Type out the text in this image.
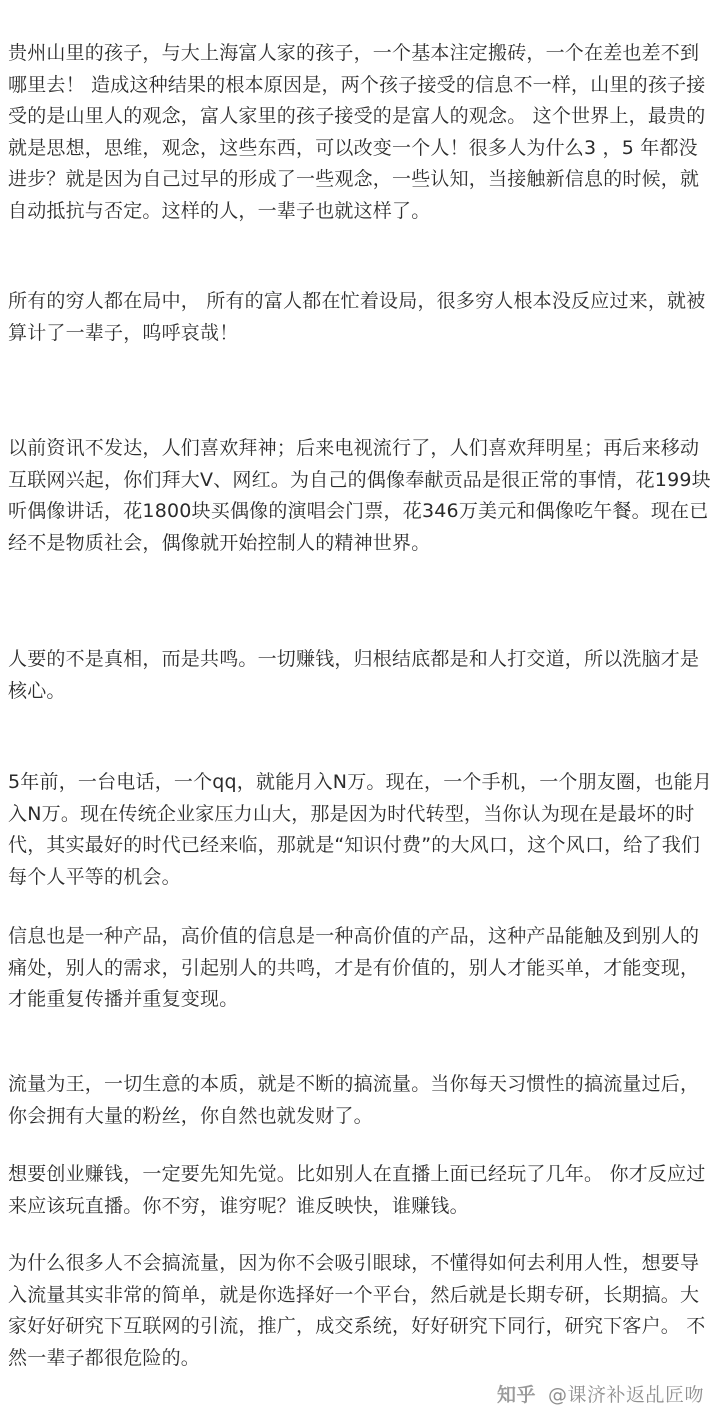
贵州山里的孩子，与大上海富人家的孩子，一个基本注定搬砖，一个在差也差不到哪里去！ 造成这种结果的根本原因是，两个孩子接受的信息不一样，山里的孩子接受的是山里人的观念，富人家里的孩子接受的是富人的观念。 这个世界上，最贵的就是思想，思维，观念，这些东西，可以改变一个人！很多人为什么3 ，5 年都没进步？就是因为自己过早的形成了一些观念，一些认知，当接触新信息的时候，就自动抵抗与否定。这样的人，一辈子也就这样了。

所有的穷人都在局中， 所有的富人都在忙着设局，很多穷人根本没反应过来，就被算计了一辈子，呜呼哀哉！

以前资讯不发达，人们喜欢拜神；后来电视流行了，人们喜欢拜明星；再后来移动互联网兴起，你们拜大V、网红。为自己的偶像奉献贡品是很正常的事情，花199块听偶像讲话，花1800块买偶像的演唱会门票，花346万美元和偶像吃午餐。现在已经不是物质社会，偶像就开始控制人的精神世界。

人要的不是真相，而是共鸣。一切赚钱，归根结底都是和人打交道，所以洗脑才是核心。

5年前，一台电话，一个qq，就能月入N万。现在，一个手机，一个朋友圈，也能月入N万。现在传统企业家压力山大，那是因为时代转型，当你认为现在是最坏的时代，其实最好的时代已经来临，那就是“知识付费”的大风口，这个风口，给了我们每个人平等的机会。

信息也是一种产品，高价值的信息是一种高价值的产品，这种产品能触及到别人的痛处，别人的需求，引起别人的共鸣，才是有价值的，别人才能买单，才能变现，才能重复传播并重复变现。

流量为王，一切生意的本质，就是不断的搞流量。当你每天习惯性的搞流量过后，你会拥有大量的粉丝，你自然也就发财了。

想要创业赚钱，一定要先知先觉。比如别人在直播上面已经玩了几年。 你才反应过 来应该玩直播。你不穷，谁穷呢？谁反映快，谁赚钱。

为什么很多人不会搞流量，因为你不会吸引眼球，不懂得如何去利用人性，想要导入流量其实非常的简单，就是你选择好一个平台，然后就是长期专研，长期搞。大家好好研究下互联网的引流，推广，成交系统，好好研究下同行，研究下客户。 不然一辈子都很危险的。

知乎 @课济补返乩匠吻
